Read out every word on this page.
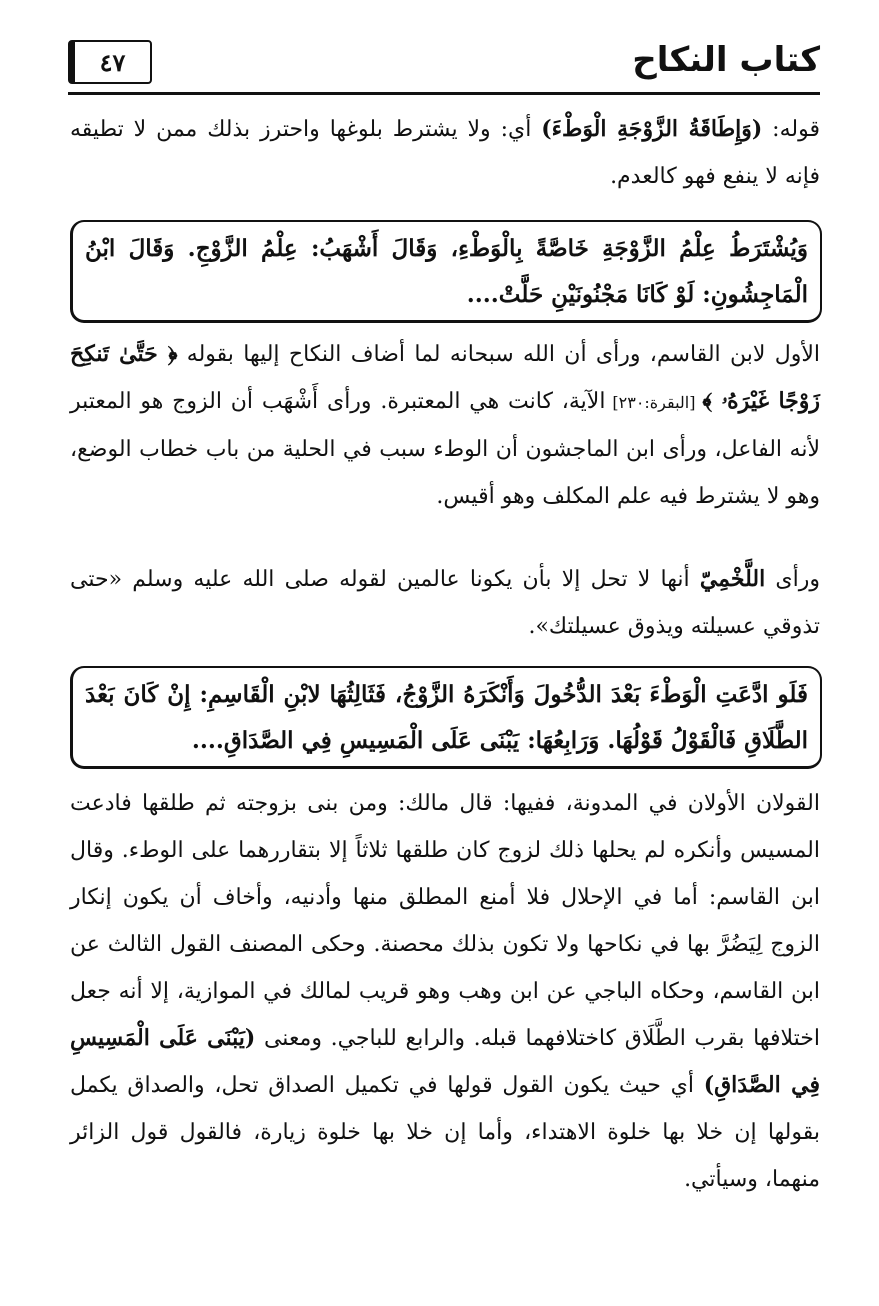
كتاب النكاح
٤٧

قوله: (وَإِطَاقَةُ الزَّوْجَةِ الْوَطْءَ) أي: ولا يشترط بلوغها واحترز بذلك ممن لا تطيقه فإنه لا ينفع فهو كالعدم.

وَيُشْتَرَطُ عِلْمُ الزَّوْجَةِ خَاصَّةً بِالْوَطْءِ، وَقَالَ أَشْهَبُ: عِلْمُ الزَّوْجِ. وَقَالَ ابْنُ الْمَاجِشُونِ: لَوْ كَانَا مَجْنُونَيْنِ حَلَّتْ....

الأول لابن القاسم، ورأى أن الله سبحانه لما أضاف النكاح إليها بقوله ﴿ حَتَّىٰ تَنكِحَ زَوْجًا غَيْرَهُۥ ﴾ [البقرة:٢٣٠] الآية، كانت هي المعتبرة. ورأى أَشْهَب أن الزوج هو المعتبر لأنه الفاعل، ورأى ابن الماجشون أن الوطء سبب في الحلية من باب خطاب الوضع، وهو لا يشترط فيه علم المكلف وهو أقيس.

ورأى اللَّخْمِيّ أنها لا تحل إلا بأن يكونا عالمين لقوله صلى الله عليه وسلم «حتى تذوقي عسيلته ويذوق عسيلتك».

فَلَو ادَّعَتِ الْوَطْءَ بَعْدَ الدُّخُولَ وَأَنْكَرَهُ الزَّوْجُ، فَثَالِثُهَا لابْنِ الْقَاسِمِ: إِنْ كَانَ بَعْدَ الطَّلَاقِ فَالْقَوْلُ قَوْلُهَا. وَرَابِعُهَا: يَبْنَى عَلَى الْمَسِيسِ فِي الصَّدَاقِ....

القولان الأولان في المدونة، ففيها: قال مالك: ومن بنى بزوجته ثم طلقها فادعت المسيس وأنكره لم يحلها ذلك لزوج كان طلقها ثلاثاً إلا بتقاررهما على الوطء. وقال ابن القاسم: أما في الإحلال فلا أمنع المطلق منها وأدنيه، وأخاف أن يكون إنكار الزوج لِيَضُرَّ بها في نكاحها ولا تكون بذلك محصنة. وحكى المصنف القول الثالث عن ابن القاسم، وحكاه الباجي عن ابن وهب وهو قريب لمالك في الموازية، إلا أنه جعل اختلافها بقرب الطَّلَاق كاختلافهما قبله. والرابع للباجي. ومعنى (يَبْنَى عَلَى الْمَسِيسِ فِي الصَّدَاقِ) أي حيث يكون القول قولها في تكميل الصداق تحل، والصداق يكمل بقولها إن خلا بها خلوة الاهتداء، وأما إن خلا بها خلوة زيارة، فالقول قول الزائر منهما، وسيأتي.
